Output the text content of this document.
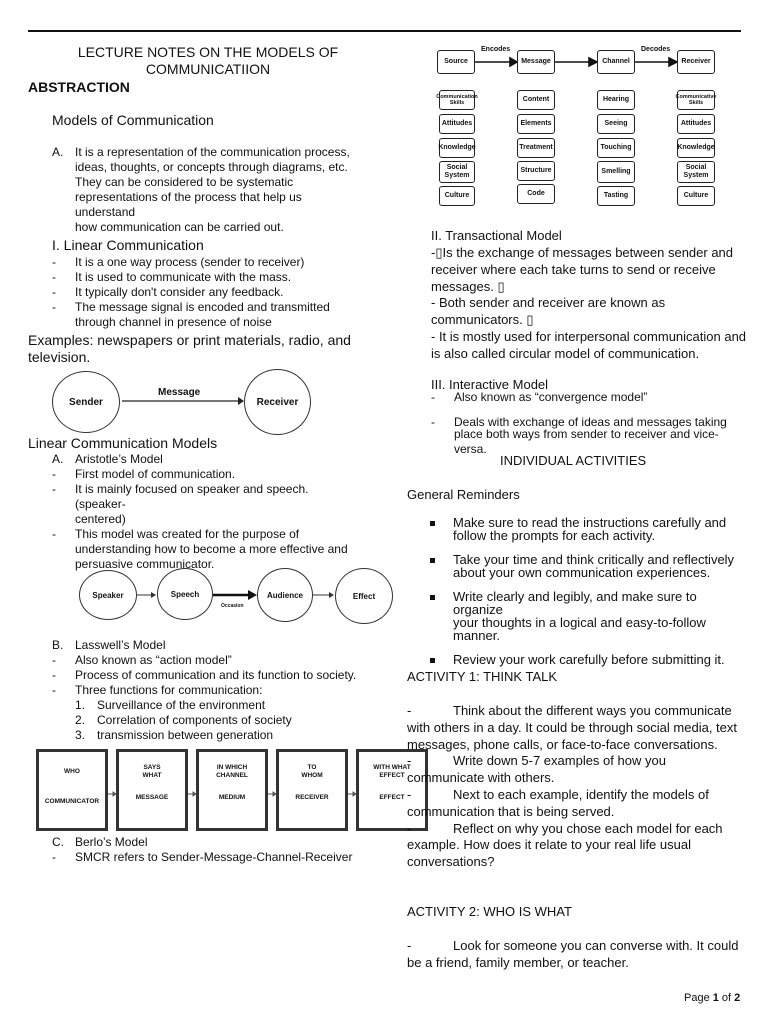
LECTURE NOTES ON THE MODELS OF
COMMUNICATIION
ABSTRACTION
Models of Communication
A. It is a representation of the communication process,
ideas, thoughts, or concepts through diagrams, etc.
They can be considered to be systematic
representations of the process that help us understand
how communication can be carried out.
I. Linear Communication
- It is a one way process (sender to receiver)
- It is used to communicate with the mass.
- It typically don't consider any feedback.
- The message signal is encoded and transmitted
through channel in presence of noise
Examples: newspapers or print materials, radio, and
television.
Sender
Message
Receiver
Linear Communication Models
A. Aristotle’s Model
- First model of communication.
- It is mainly focused on speaker and speech. (speaker-
centered)
- This model was created for the purpose of
understanding how to become a more effective and
persuasive communicator.
Speaker	Speech
Occasion
Audience	Effect
B. Lasswell’s Model
- Also known as “action model”
- Process of communication and its function to society.
- Three functions for communication:
1. Surveillance of the environment
2. Correlation of components of society
3. transmission between generation
WHO
COMMUNICATOR
SAYS WHAT
MESSAGE
IN WHICH CHANNEL
MEDIUM
TO WHOM
RECEIVER
WITH WHAT EFFECT
EFFECT
C. Berlo’s Model
- SMCR refers to Sender-Message-Channel-Receiver
Encodes	Decodes
Source	Message	Channel	Receiver
Communication Skills
Attitudes
Knowledge
Social System
Culture
Content
Elements
Treatment
Structure
Code
Hearing
Seeing
Touching
Smelling
Tasting
Communicative Skills
Attitudes
Knowledge
Social System
Culture
II. Transactional Model
-▯Is the exchange of messages between sender and
receiver where each take turns to send or receive
messages. ▯
- Both sender and receiver are known as
communicators. ▯
- It is mostly used for interpersonal communication and
is also called circular model of communication.
III. Interactive Model
- Also known as “convergence model”
- Deals with exchange of ideas and messages taking
place both ways from sender to receiver and vice-versa.
INDIVIDUAL ACTIVITIES
General Reminders
Make sure to read the instructions carefully and
follow the prompts for each activity.
Take your time and think critically and reflectively
about your own communication experiences.
Write clearly and legibly, and make sure to organize
your thoughts in a logical and easy-to-follow
manner.
Review your work carefully before submitting it.
ACTIVITY 1: THINK TALK
-	Think about the different ways you communicate
with others in a day. It could be through social media, text
messages, phone calls, or face-to-face conversations.
-	Write down 5-7 examples of how you
communicate with others.
-	Next to each example, identify the models of
communication that is being served.
-	Reflect on why you chose each model for each
example. How does it relate to your real life usual
conversations?
ACTIVITY 2: WHO IS WHAT
-	Look for someone you can converse with. It could
be a friend, family member, or teacher.
Page 1 of 2
